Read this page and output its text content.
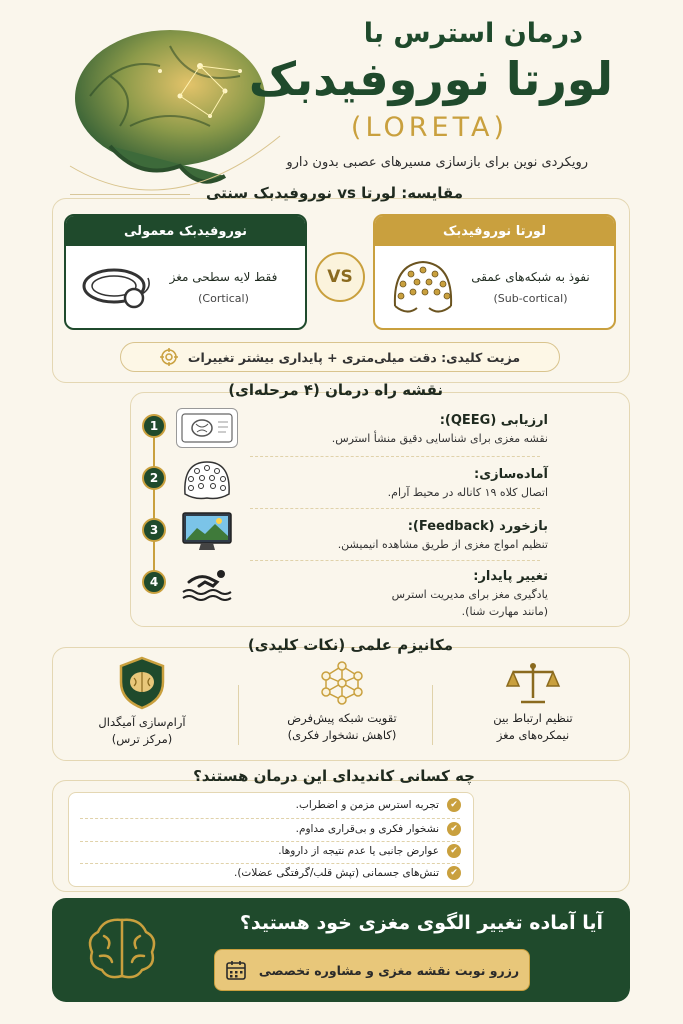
درمان استرس با
لورتا نوروفیدبک
(LORETA)
رویکردی نوین برای بازسازی مسیرهای عصبی بدون دارو
مقایسه: لورتا vs نوروفیدبک سنتی
لورتا نوروفیدبک
نفوذ به شبکه‌های عمقی
(Sub-cortical)
نوروفیدبک معمولی
فقط لایه سطحی مغز
(Cortical)
VS
مزیت کلیدی: دقت میلی‌متری + پایداری بیشتر تغییرات
نقشه راه درمان (۴ مرحله‌ای)
1	ارزیابی (QEEG):
نقشه مغزی برای شناسایی دقیق منشأ استرس.
2	آماده‌سازی:
اتصال کلاه ۱۹ کاناله در محیط آرام.
3	بازخورد (Feedback):
تنظیم امواج مغزی از طریق مشاهده انیمیشن.
4	تغییر پایدار:
یادگیری مغز برای مدیریت استرس
(مانند مهارت شنا).
مکانیزم علمی (نکات کلیدی)
تنظیم ارتباط بین
نیمکره‌های مغز
تقویت شبکه پیش‌فرض
(کاهش نشخوار فکری)
آرام‌سازی آمیگدال
(مرکز ترس)
چه کسانی کاندیدای این درمان هستند؟
✔
تجربه استرس مزمن و اضطراب.
✔
نشخوار فکری و بی‌قراری مداوم.
✔
عوارض جانبی یا عدم نتیجه از داروها.
✔
تنش‌های جسمانی (تپش قلب/گرفتگی عضلات).
آیا آماده تغییر الگوی مغزی خود هستید؟
رزرو نوبت نقشه مغزی و مشاوره تخصصی
